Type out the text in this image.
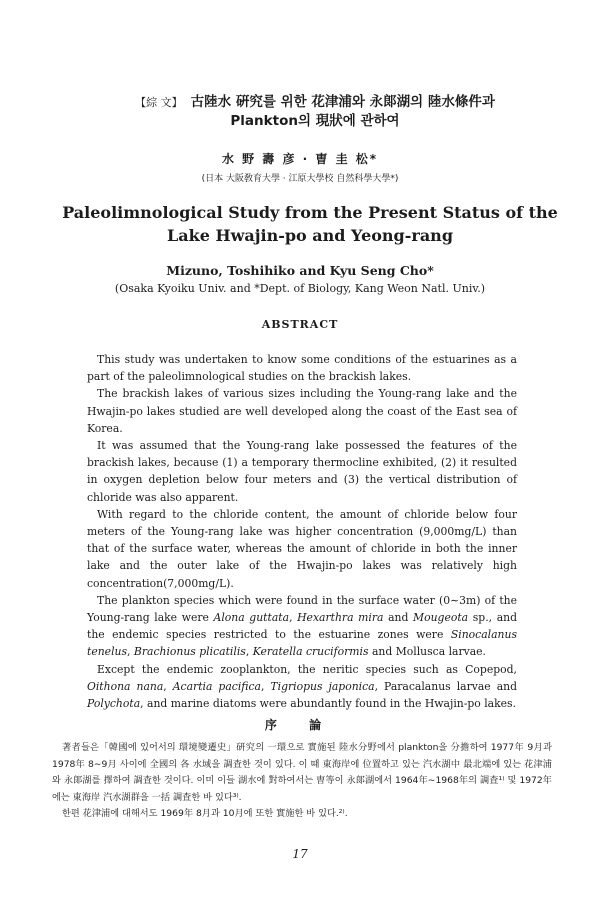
【綜 文】 古陸水 硏究를 위한 花津浦와 永郞湖의 陸水條件과
Plankton의 現狀에 관하여
水 野 壽 彦 · 曺 圭 松*
(日本 大阪敎育大學 · 江原大學校 自然科學大學*)
Paleolimnological Study from the Present Status of the
Lake Hwajin-po and Yeong-rang
Mizuno, Toshihiko and Kyu Seng Cho*
(Osaka Kyoiku Univ. and *Dept. of Biology, Kang Weon Natl. Univ.)
ABSTRACT

This study was undertaken to know some conditions of the estuarines as a part of the paleolimnological studies on the brackish lakes.

The brackish lakes of various sizes including the Young-rang lake and the Hwajin-po lakes studied are well developed along the coast of the East sea of Korea.

It was assumed that the Young-rang lake possessed the features of the brackish lakes, because (1) a temporary thermocline exhibited, (2) it resulted in oxygen depletion below four meters and (3) the vertical distribution of chloride was also apparent.

With regard to the chloride content, the amount of chloride below four meters of the Young-rang lake was higher concentration (9,000mg/L) than that of the surface water, whereas the amount of chloride in both the inner lake and the outer lake of the Hwajin-po lakes was relatively high concentration(7,000mg/L).

The plankton species which were found in the surface water (0∼3m) of the Young-rang lake were Alona guttata, Hexarthra mira and Mougeota sp., and the endemic species restricted to the estuarine zones were Sinocalanus tenelus, Brachionus plicatilis, Keratella cruciformis and Mollusca larvae.

Except the endemic zooplankton, the neritic species such as Copepod, Oithona nana, Acartia pacifica, Tigriopus japonica, Paracalanus larvae and Polychota, and marine diatoms were abundantly found in the Hwajin-po lakes.

序 論

著者들은「韓國에 있어서의 環境變遷史」硏究의 一環으로 實施된 陸水分野에서 plankton을 分擔하여 1977年 9月과 1978年 8∼9月 사이에 全國의 各 水域을 調査한 것이 있다. 이 때 東海岸에 位置하고 있는 汽水湖中 最北端에 있는 花津浦와 永郞湖를 擇하여 調査한 것이다. 이미 이들 湖水에 對하여서는 曺等이 永郞湖에서 1964年∼1968年의 調査¹⁾ 및 1972年에는 東海岸 汽水湖群을 一括 調査한 바 있다³⁾.

한편 花津浦에 대해서도 1969年 8月과 10月에 또한 實施한 바 있다.²⁾.

17
